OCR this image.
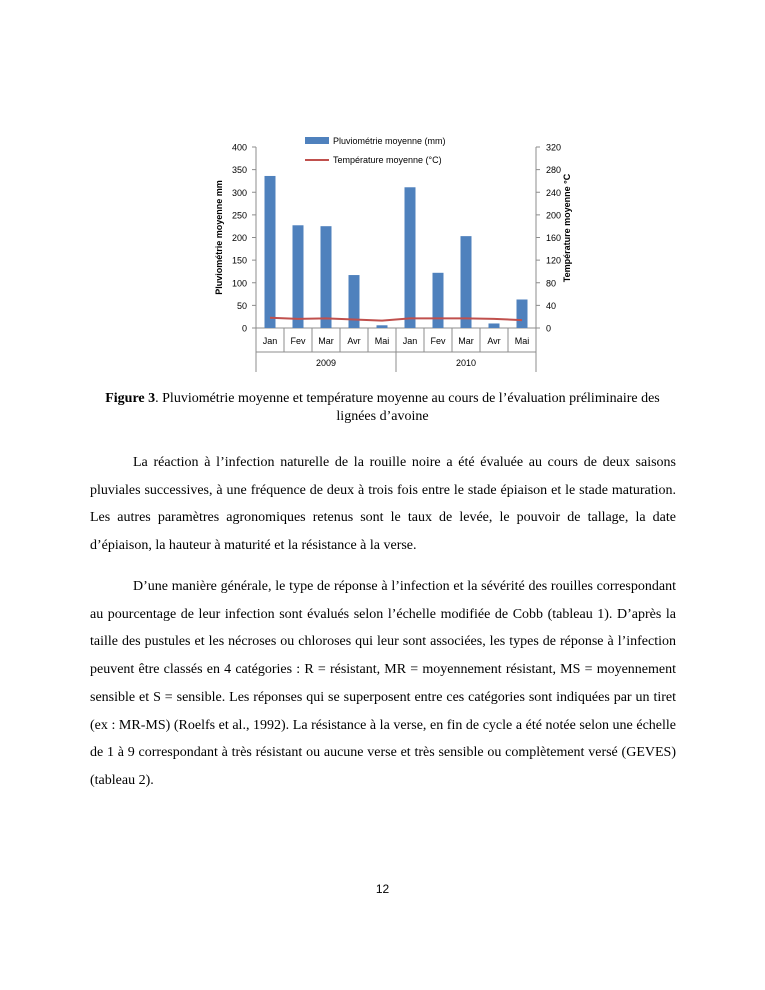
0
50
100
150
200
250
300
350
400
0
40
80
120
160
200
240
280
320
Pluviométrie moyenne mm	Température moyenne °C
Jan Fev Mar Avr Mai Jan Fev Mar Avr Mai
2009	2010
Pluviométrie moyenne (mm)
Température moyenne (°C)
Figure 3. Pluviométrie moyenne et température moyenne au cours de l’évaluation préliminaire des lignées d’avoine

La réaction à l’infection naturelle de la rouille noire a été évaluée au cours de deux saisons pluviales successives, à une fréquence de deux à trois fois entre le stade épiaison et le stade maturation. Les autres paramètres agronomiques retenus sont le taux de levée, le pouvoir de tallage, la date d’épiaison, la hauteur à maturité et la résistance à la verse.

D’une manière générale, le type de réponse à l’infection et la sévérité des rouilles correspondant au pourcentage de leur infection sont évalués selon l’échelle modifiée de Cobb (tableau 1). D’après la taille des pustules et les nécroses ou chloroses qui leur sont associées, les types de réponse à l’infection peuvent être classés en 4 catégories : R = résistant, MR = moyennement résistant, MS = moyennement sensible et S = sensible. Les réponses qui se superposent entre ces catégories sont indiquées par un tiret (ex : MR-MS) (Roelfs et al., 1992). La résistance à la verse, en fin de cycle a été notée selon une échelle de 1 à 9 correspondant à très résistant ou aucune verse et très sensible ou complètement versé (GEVES) (tableau 2).

12
